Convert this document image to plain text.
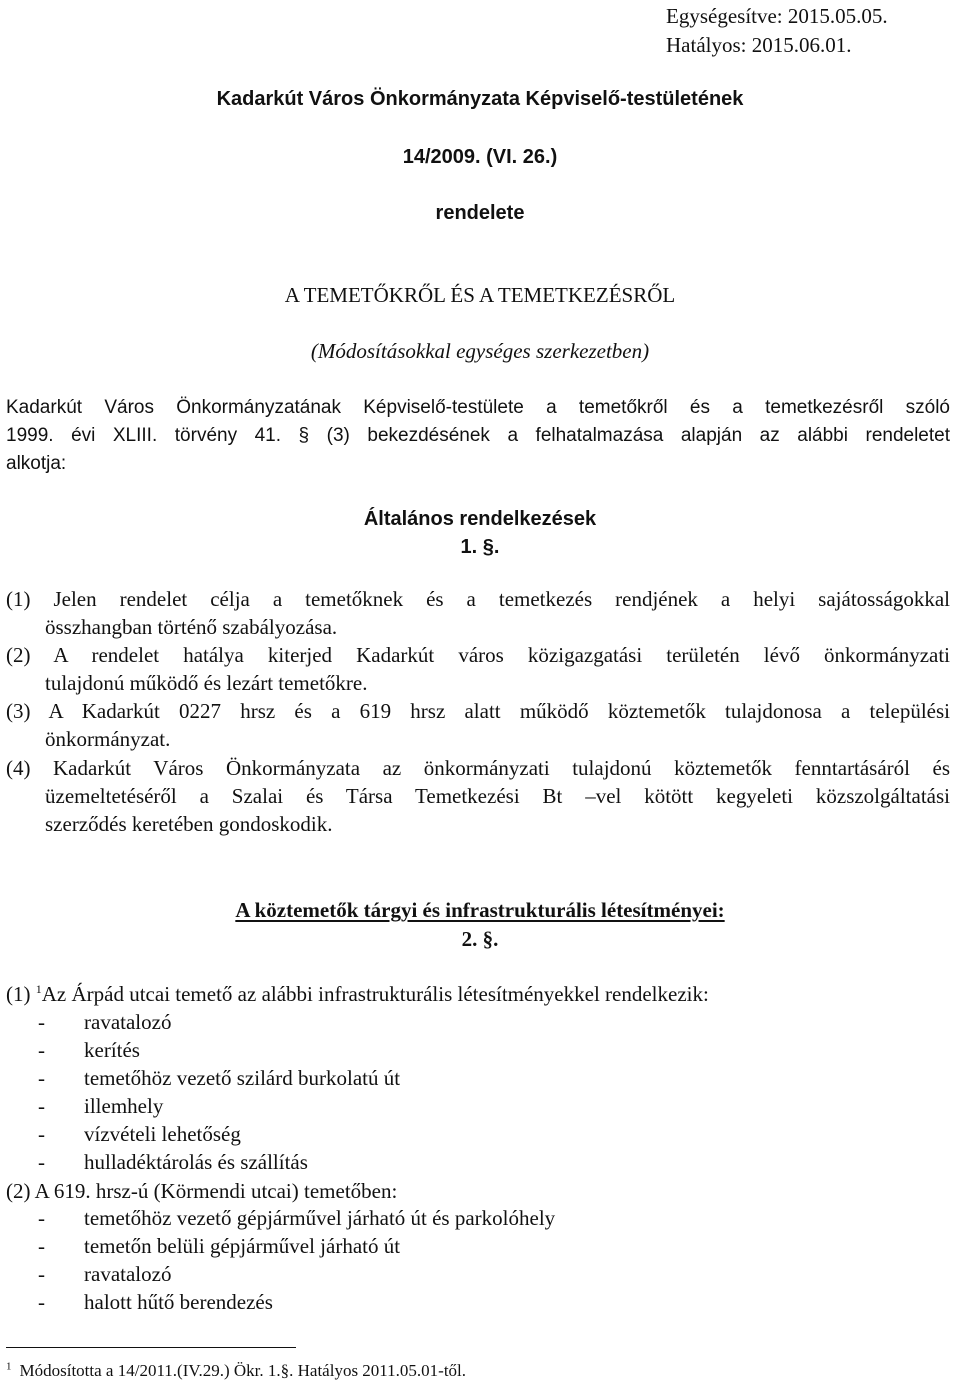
Egységesítve: 2015.05.05.
Hatályos: 2015.06.01.
Kadarkút Város Önkormányzata Képviselő-testületének
14/2009. (VI. 26.)
rendelete
A TEMETŐKRŐL ÉS A TEMETKEZÉSRŐL
(Módosításokkal egységes szerkezetben)
Kadarkút Város Önkormányzatának Képviselő-testülete a temetőkről és a temetkezésről szóló
1999. évi XLIII. törvény 41. § (3) bekezdésének a felhatalmazása alapján az alábbi rendeletet
alkotja:
Általános rendelkezések
1. §.
(1) Jelen rendelet célja a temetőknek és a temetkezés rendjének a helyi sajátosságokkal
összhangban történő szabályozása.
(2) A rendelet hatálya kiterjed Kadarkút város közigazgatási területén lévő önkormányzati
tulajdonú működő és lezárt temetőkre.
(3) A Kadarkút 0227 hrsz és a 619 hrsz alatt működő köztemetők tulajdonosa a települési
önkormányzat.
(4) Kadarkút Város Önkormányzata az önkormányzati tulajdonú köztemetők fenntartásáról és
üzemeltetéséről a Szalai és Társa Temetkezési Bt –vel kötött kegyeleti közszolgáltatási
szerződés keretében gondoskodik.
A köztemetők tárgyi és infrastrukturális létesítményei:
2. §.
(1) $^1$Az Árpád utcai temető az alábbi infrastrukturális létesítményekkel rendelkezik:
- ravatalozó
- kerítés
- temetőhöz vezető szilárd burkolatú út
- illemhely
- vízvételi lehetőség
- hulladéktárolás és szállítás
(2) A 619. hrsz-ú (Körmendi utcai) temetőben:
- temetőhöz vezető gépjárművel járható út és parkolóhely
- temetőn belüli gépjárművel járható út
- ravatalozó
- halott hűtő berendezés
$^1$ Módosította a 14/2011.(IV.29.) Ökr. 1.§. Hatályos 2011.05.01-től.
